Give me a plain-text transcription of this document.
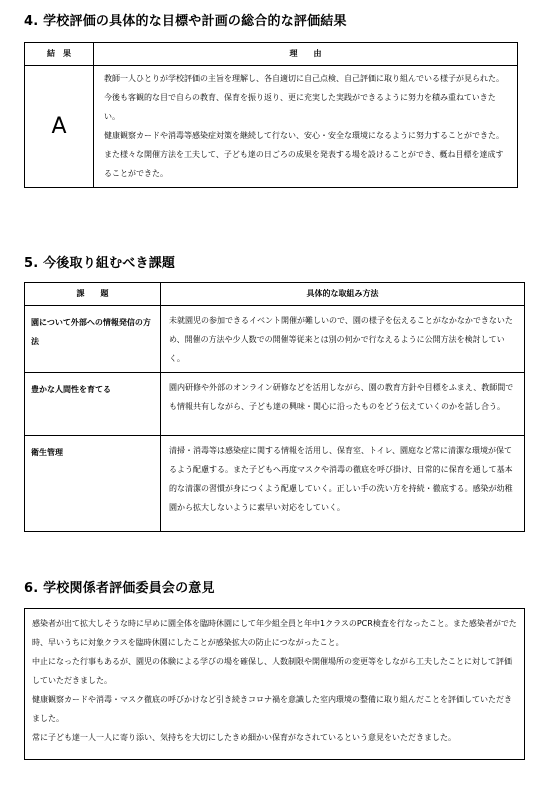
4. 学校評価の具体的な目標や計画の総合的な評価結果
結　果	理　　由
A	教師一人ひとりが学校評価の主旨を理解し、各自適切に自己点検、自己評価に取り組んでいる様子が見られた。今後も客観的な目で自らの教育、保育を振り返り、更に充実した実践ができるように努力を積み重ねていきたい。

健康観察カードや消毒等感染症対策を継続して行ない、安心・安全な環境になるように努力することができた。

また様々な開催方法を工夫して、子ども達の日ごろの成果を発表する場を設けることができ、概ね目標を達成することができた。

5. 今後取り組むべき課題
課　　題	具体的な取組み方法
園について外部への情報発信の方法	未就園児の参加できるイベント開催が難しいので、園の様子を伝えることがなかなかできないため、開催の方法や少人数での開催等従来とは別の何かで行なえるように公開方法を検討していく。
豊かな人間性を育てる	園内研修や外部のオンライン研修などを活用しながら、園の教育方針や目標をふまえ、教師間でも情報共有しながら、子ども達の興味・関心に沿ったものをどう伝えていくのかを話し合う。
衛生管理	清掃・消毒等は感染症に関する情報を活用し、保育室、トイレ、園庭など常に清潔な環境が保てるよう配慮する。また子どもへ再度マスクや消毒の徹底を呼び掛け、日常的に保育を通して基本的な清潔の習慣が身につくよう配慮していく。正しい手の洗い方を持続・徹底する。感染が幼稚園から拡大しないように素早い対応をしていく。
6. 学校関係者評価委員会の意見

感染者が出て拡大しそうな時に早めに園全体を臨時休園にして年少組全員と年中1クラスのPCR検査を行なったこと。また感染者がでた時、早いうちに対象クラスを臨時休園にしたことが感染拡大の防止につながったこと。

中止になった行事もあるが、園児の体験による学びの場を確保し、人数制限や開催場所の変更等をしながら工夫したことに対して評価していただきました。

健康観察カードや消毒・マスク徹底の呼びかけなど引き続きコロナ禍を意識した室内環境の整備に取り組んだことを評価していただきました。

常に子ども達一人一人に寄り添い、気持ちを大切にしたきめ細かい保育がなされているという意見をいただきました。
